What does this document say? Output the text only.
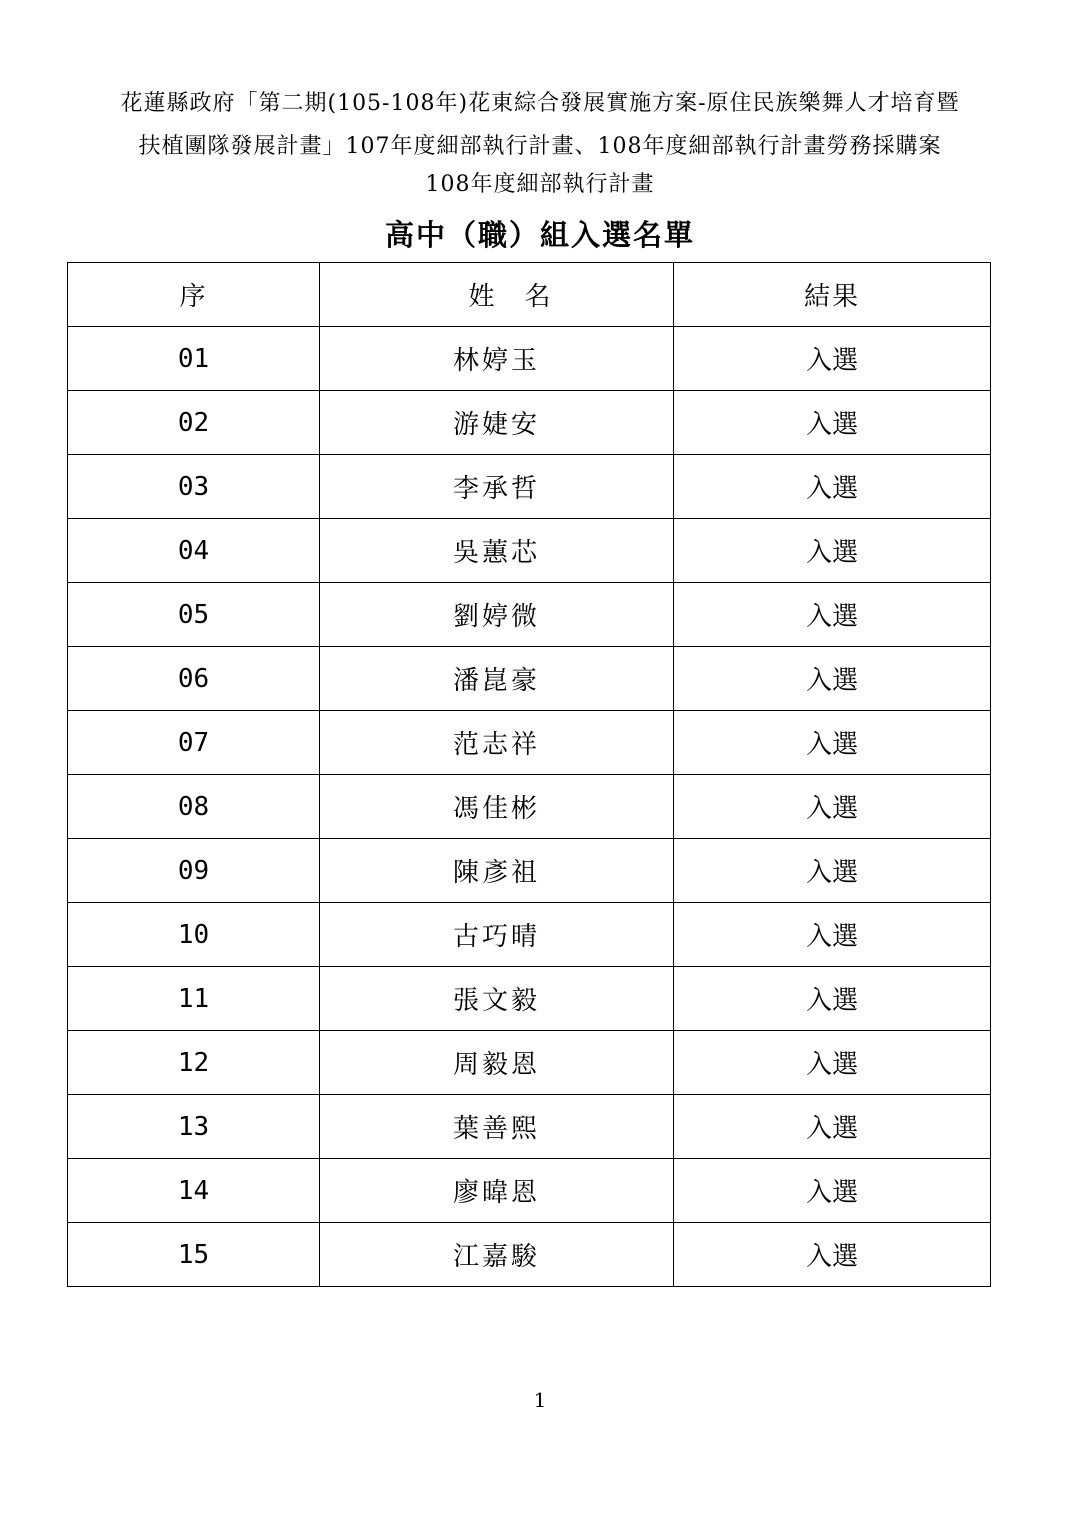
花蓮縣政府「第二期(105-108年)花東綜合發展實施方案-原住民族樂舞人才培育暨
扶植團隊發展計畫」107年度細部執行計畫、108年度細部執行計畫勞務採購案
108年度細部執行計畫
高中（職）組入選名單
序	姓　名	結果
01	林婷玉	入選
02	游婕安	入選
03	李承哲	入選
04	吳蕙芯	入選
05	劉婷微	入選
06	潘崑豪	入選
07	范志祥	入選
08	馮佳彬	入選
09	陳彥祖	入選
10	古巧晴	入選
11	張文毅	入選
12	周毅恩	入選
13	葉善熙	入選
14	廖暐恩	入選
15	江嘉駿	入選
1
